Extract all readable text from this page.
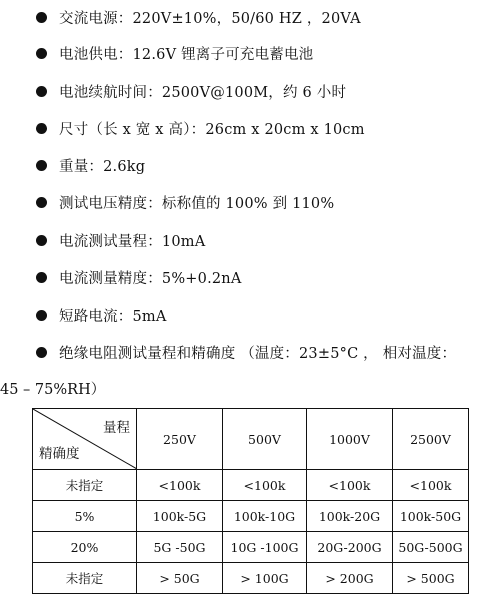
交流电源：220V±10%，50/60 HZ ，20VA
电池供电：12.6V 锂离子可充电蓄电池
电池续航时间：2500V@100M，约 6 小时
尺寸（长 x 宽 x 高）：26cm x 20cm x 10cm
重量：2.6kg
测试电压精度：标称值的 100% 到 110%
电流测试量程：10mA
电流测量精度：5%+0.2nA
短路电流：5mA
绝缘电阻测试量程和精确度 （温度：23±5°C ， 相对温度：
45 – 75%RH）
量程
精确度	250V	500V	1000V	2500V
未指定	<100k	<100k	<100k	<100k
5%	100k-5G	100k-10G	100k-20G	100k-50G
20%	5G -50G	10G -100G	20G-200G	50G-500G
未指定	> 50G	> 100G	> 200G	> 500G
